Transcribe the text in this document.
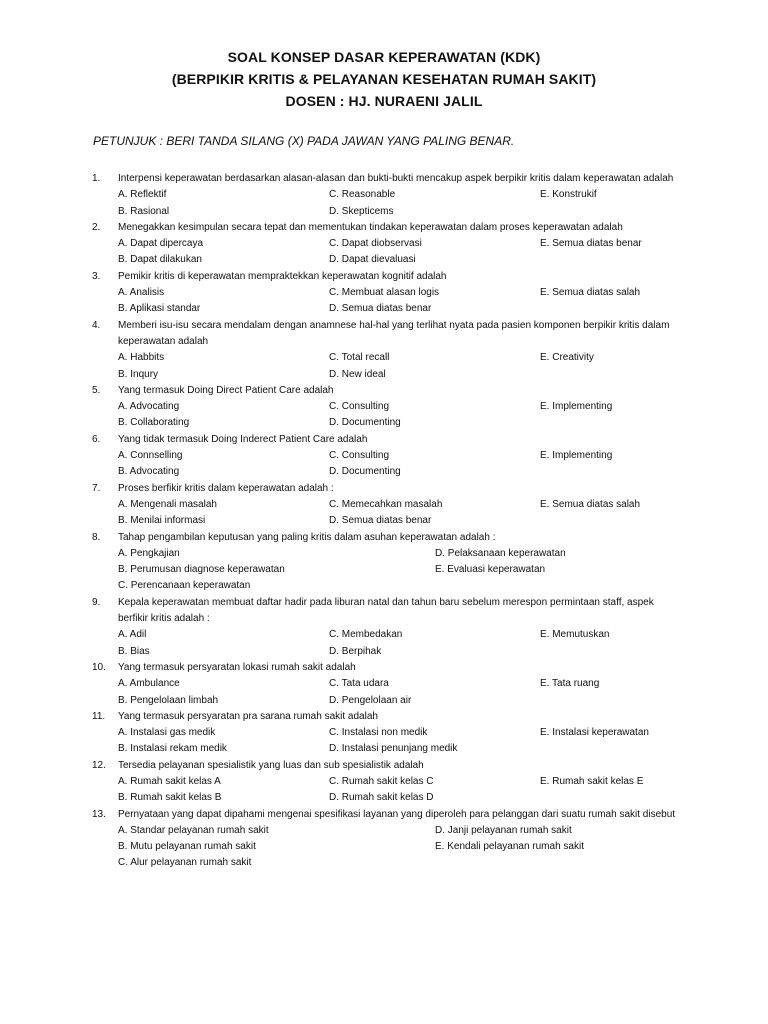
SOAL KONSEP DASAR KEPERAWATAN (KDK)
(BERPIKIR KRITIS & PELAYANAN KESEHATAN RUMAH SAKIT)
DOSEN : HJ. NURAENI JALIL
PETUNJUK : BERI TANDA SILANG (X) PADA JAWAN YANG PALING BENAR.
1.	Interpensi keperawatan berdasarkan alasan-alasan dan bukti-bukti mencakup aspek berpikir kritis dalam keperawatan adalah
A. Reflektif	C. Reasonable	E. Konstrukif
B. Rasional	D. Skepticems
2.	Menegakkan kesimpulan secara tepat dan mementukan tindakan keperawatan dalam proses keperawatan adalah
A. Dapat dipercaya	C. Dapat diobservasi	E. Semua diatas benar
B. Dapat dilakukan	D. Dapat dievaluasi
3.	Pemikir kritis di keperawatan mempraktekkan keperawatan kognitif adalah
A. Analisis	C. Membuat alasan logis	E. Semua diatas salah
B. Aplikasi standar	D. Semua diatas benar
4.	Memberi isu-isu secara mendalam dengan anamnese hal-hal yang terlihat nyata pada pasien komponen berpikir kritis dalam keperawatan adalah
A. Habbits	C. Total recall	E. Creativity
B. Inqury	D. New ideal
5.	Yang termasuk Doing Direct Patient Care adalah
A. Advocating	C. Consulting	E. Implementing
B. Collaborating	D. Documenting
6.	Yang tidak termasuk Doing Inderect Patient Care adalah
A. Connselling	C. Consulting	E. Implementing
B. Advocating	D. Documenting
7.	Proses berfikir kritis dalam keperawatan adalah :
A. Mengenali masalah	C. Memecahkan masalah	E. Semua diatas salah
B. Menilai informasi	D. Semua diatas benar
8.	Tahap pengambilan keputusan yang paling kritis dalam asuhan keperawatan adalah :
A. Pengkajian	D. Pelaksanaan keperawatan
B. Perumusan diagnose keperawatan	E. Evaluasi keperawatan
C. Perencanaan keperawatan
9.	Kepala keperawatan membuat daftar hadir pada liburan natal dan tahun baru sebelum merespon permintaan staff, aspek berfikir kritis adalah :
A. Adil	C. Membedakan	E. Memutuskan
B. Bias	D. Berpihak
10.	Yang termasuk persyaratan lokasi rumah sakit adalah
A. Ambulance	C. Tata udara	E. Tata ruang
B. Pengelolaan limbah	D. Pengelolaan air
11.	Yang termasuk persyaratan pra sarana rumah sakit adalah
A. Instalasi gas medik	C. Instalasi non medik	E. Instalasi keperawatan
B. Instalasi rekam medik	D. Instalasi penunjang medik
12.	Tersedia pelayanan spesialistik yang luas dan sub spesialistik adalah
A. Rumah sakit kelas A	C. Rumah sakit kelas C	E. Rumah sakit kelas E
B. Rumah sakit kelas B	D. Rumah sakit kelas D
13.	Pernyataan yang dapat dipahami mengenai spesifikasi layanan yang diperoleh para pelanggan dari suatu rumah sakit disebut
A. Standar pelayanan rumah sakit	D. Janji pelayanan rumah sakit
B. Mutu pelayanan rumah sakit	E. Kendali pelayanan rumah sakit
C. Alur pelayanan rumah sakit
